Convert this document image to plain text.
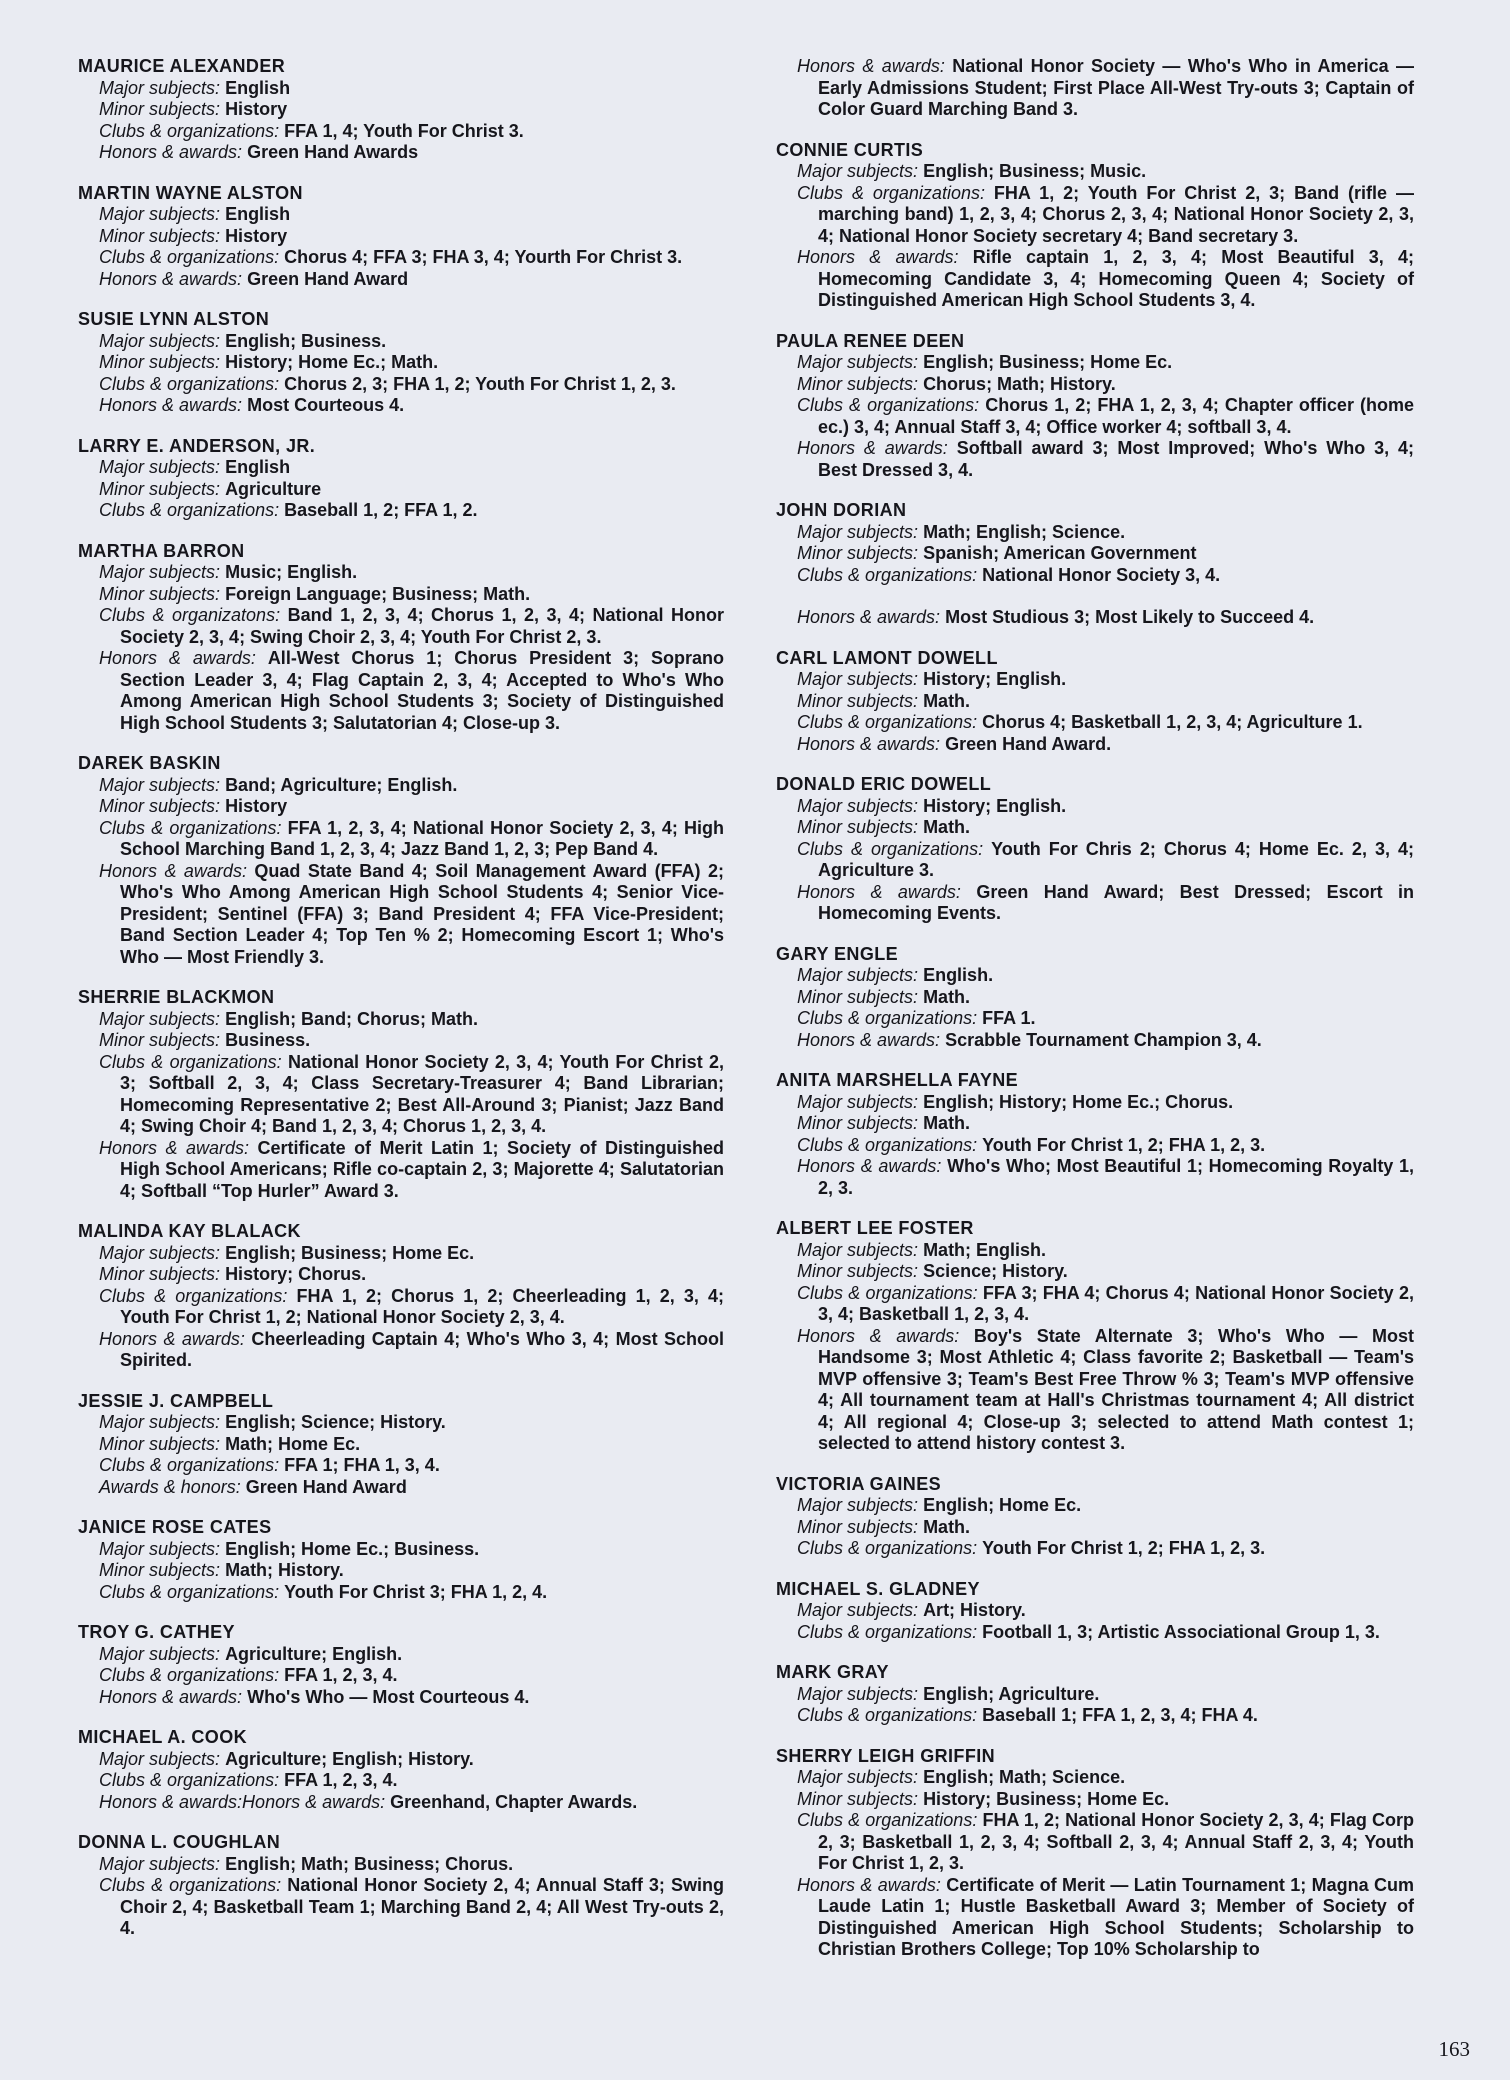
MAURICE ALEXANDER
Major subjects: English
Minor subjects: History
Clubs & organizations: FFA 1, 4; Youth For Christ 3.
Honors & awards: Green Hand Awards
MARTIN WAYNE ALSTON
Major subjects: English
Minor subjects: History
Clubs & organizations: Chorus 4; FFA 3; FHA 3, 4; Yourth For Christ 3.
Honors & awards: Green Hand Award
SUSIE LYNN ALSTON
Major subjects: English; Business.
Minor subjects: History; Home Ec.; Math.
Clubs & organizations: Chorus 2, 3; FHA 1, 2; Youth For Christ 1, 2, 3.
Honors & awards: Most Courteous 4.
LARRY E. ANDERSON, JR.
Major subjects: English
Minor subjects: Agriculture
Clubs & organizations: Baseball 1, 2; FFA 1, 2.
MARTHA BARRON
Major subjects: Music; English.
Minor subjects: Foreign Language; Business; Math.
Clubs & organizatons: Band 1, 2, 3, 4; Chorus 1, 2, 3, 4; National Honor Society 2, 3, 4; Swing Choir 2, 3, 4; Youth For Christ 2, 3.
Honors & awards: All-West Chorus 1; Chorus President 3; Soprano Section Leader 3, 4; Flag Captain 2, 3, 4; Accepted to Who's Who Among American High School Students 3; Society of Distinguished High School Students 3; Salutatorian 4; Close-up 3.
DAREK BASKIN
Major subjects: Band; Agriculture; English.
Minor subjects: History
Clubs & organizations: FFA 1, 2, 3, 4; National Honor Society 2, 3, 4; High School Marching Band 1, 2, 3, 4; Jazz Band 1, 2, 3; Pep Band 4.
Honors & awards: Quad State Band 4; Soil Management Award (FFA) 2; Who's Who Among American High School Students 4; Senior Vice-President; Sentinel (FFA) 3; Band President 4; FFA Vice-President; Band Section Leader 4; Top Ten % 2; Homecoming Escort 1; Who's Who — Most Friendly 3.
SHERRIE BLACKMON
Major subjects: English; Band; Chorus; Math.
Minor subjects: Business.
Clubs & organizations: National Honor Society 2, 3, 4; Youth For Christ 2, 3; Softball 2, 3, 4; Class Secretary-Treasurer 4; Band Librarian; Homecoming Representative 2; Best All-Around 3; Pianist; Jazz Band 4; Swing Choir 4; Band 1, 2, 3, 4; Chorus 1, 2, 3, 4.
Honors & awards: Certificate of Merit Latin 1; Society of Distinguished High School Americans; Rifle co-captain 2, 3; Majorette 4; Salutatorian 4; Softball “Top Hurler” Award 3.
MALINDA KAY BLALACK
Major subjects: English; Business; Home Ec.
Minor subjects: History; Chorus.
Clubs & organizations: FHA 1, 2; Chorus 1, 2; Cheerleading 1, 2, 3, 4; Youth For Christ 1, 2; National Honor Society 2, 3, 4.
Honors & awards: Cheerleading Captain 4; Who's Who 3, 4; Most School Spirited.
JESSIE J. CAMPBELL
Major subjects: English; Science; History.
Minor subjects: Math; Home Ec.
Clubs & organizations: FFA 1; FHA 1, 3, 4.
Awards & honors: Green Hand Award
JANICE ROSE CATES
Major subjects: English; Home Ec.; Business.
Minor subjects: Math; History.
Clubs & organizations: Youth For Christ 3; FHA 1, 2, 4.
TROY G. CATHEY
Major subjects: Agriculture; English.
Clubs & organizations: FFA 1, 2, 3, 4.
Honors & awards: Who's Who — Most Courteous 4.
MICHAEL A. COOK
Major subjects: Agriculture; English; History.
Clubs & organizations: FFA 1, 2, 3, 4.
Honors & awards:Honors & awards: Greenhand, Chapter Awards.
DONNA L. COUGHLAN
Major subjects: English; Math; Business; Chorus.
Clubs & organizations: National Honor Society 2, 4; Annual Staff 3; Swing Choir 2, 4; Basketball Team 1; Marching Band 2, 4; All West Try-outs 2, 4.
Honors & awards: National Honor Society — Who's Who in America — Early Admissions Student; First Place All-West Try-outs 3; Captain of Color Guard Marching Band 3.
CONNIE CURTIS
Major subjects: English; Business; Music.
Clubs & organizations: FHA 1, 2; Youth For Christ 2, 3; Band (rifle — marching band) 1, 2, 3, 4; Chorus 2, 3, 4; National Honor Society 2, 3, 4; National Honor Society secretary 4; Band secretary 3.
Honors & awards: Rifle captain 1, 2, 3, 4; Most Beautiful 3, 4; Homecoming Candidate 3, 4; Homecoming Queen 4; Society of Distinguished American High School Students 3, 4.
PAULA RENEE DEEN
Major subjects: English; Business; Home Ec.
Minor subjects: Chorus; Math; History.
Clubs & organizations: Chorus 1, 2; FHA 1, 2, 3, 4; Chapter officer (home ec.) 3, 4; Annual Staff 3, 4; Office worker 4; softball 3, 4.
Honors & awards: Softball award 3; Most Improved; Who's Who 3, 4; Best Dressed 3, 4.
JOHN DORIAN
Major subjects: Math; English; Science.
Minor subjects: Spanish; American Government
Clubs & organizations: National Honor Society 3, 4.
Honors & awards: Most Studious 3; Most Likely to Succeed 4.
CARL LAMONT DOWELL
Major subjects: History; English.
Minor subjects: Math.
Clubs & organizations: Chorus 4; Basketball 1, 2, 3, 4; Agriculture 1.
Honors & awards: Green Hand Award.
DONALD ERIC DOWELL
Major subjects: History; English.
Minor subjects: Math.
Clubs & organizations: Youth For Chris 2; Chorus 4; Home Ec. 2, 3, 4; Agriculture 3.
Honors & awards: Green Hand Award; Best Dressed; Escort in Homecoming Events.
GARY ENGLE
Major subjects: English.
Minor subjects: Math.
Clubs & organizations: FFA 1.
Honors & awards: Scrabble Tournament Champion 3, 4.
ANITA MARSHELLA FAYNE
Major subjects: English; History; Home Ec.; Chorus.
Minor subjects: Math.
Clubs & organizations: Youth For Christ 1, 2; FHA 1, 2, 3.
Honors & awards: Who's Who; Most Beautiful 1; Homecoming Royalty 1, 2, 3.
ALBERT LEE FOSTER
Major subjects: Math; English.
Minor subjects: Science; History.
Clubs & organizations: FFA 3; FHA 4; Chorus 4; National Honor Society 2, 3, 4; Basketball 1, 2, 3, 4.
Honors & awards: Boy's State Alternate 3; Who's Who — Most Handsome 3; Most Athletic 4; Class favorite 2; Basketball — Team's MVP offensive 3; Team's Best Free Throw % 3; Team's MVP offensive 4; All tournament team at Hall's Christmas tournament 4; All district 4; All regional 4; Close-up 3; selected to attend Math contest 1; selected to attend history contest 3.
VICTORIA GAINES
Major subjects: English; Home Ec.
Minor subjects: Math.
Clubs & organizations: Youth For Christ 1, 2; FHA 1, 2, 3.
MICHAEL S. GLADNEY
Major subjects: Art; History.
Clubs & organizations: Football 1, 3; Artistic Associational Group 1, 3.
MARK GRAY
Major subjects: English; Agriculture.
Clubs & organizations: Baseball 1; FFA 1, 2, 3, 4; FHA 4.
SHERRY LEIGH GRIFFIN
Major subjects: English; Math; Science.
Minor subjects: History; Business; Home Ec.
Clubs & organizations: FHA 1, 2; National Honor Society 2, 3, 4; Flag Corp 2, 3; Basketball 1, 2, 3, 4; Softball 2, 3, 4; Annual Staff 2, 3, 4; Youth For Christ 1, 2, 3.
Honors & awards: Certificate of Merit — Latin Tournament 1; Magna Cum Laude Latin 1; Hustle Basketball Award 3; Member of Society of Distinguished American High School Students; Scholarship to Christian Brothers College; Top 10% Scholarship to
163
